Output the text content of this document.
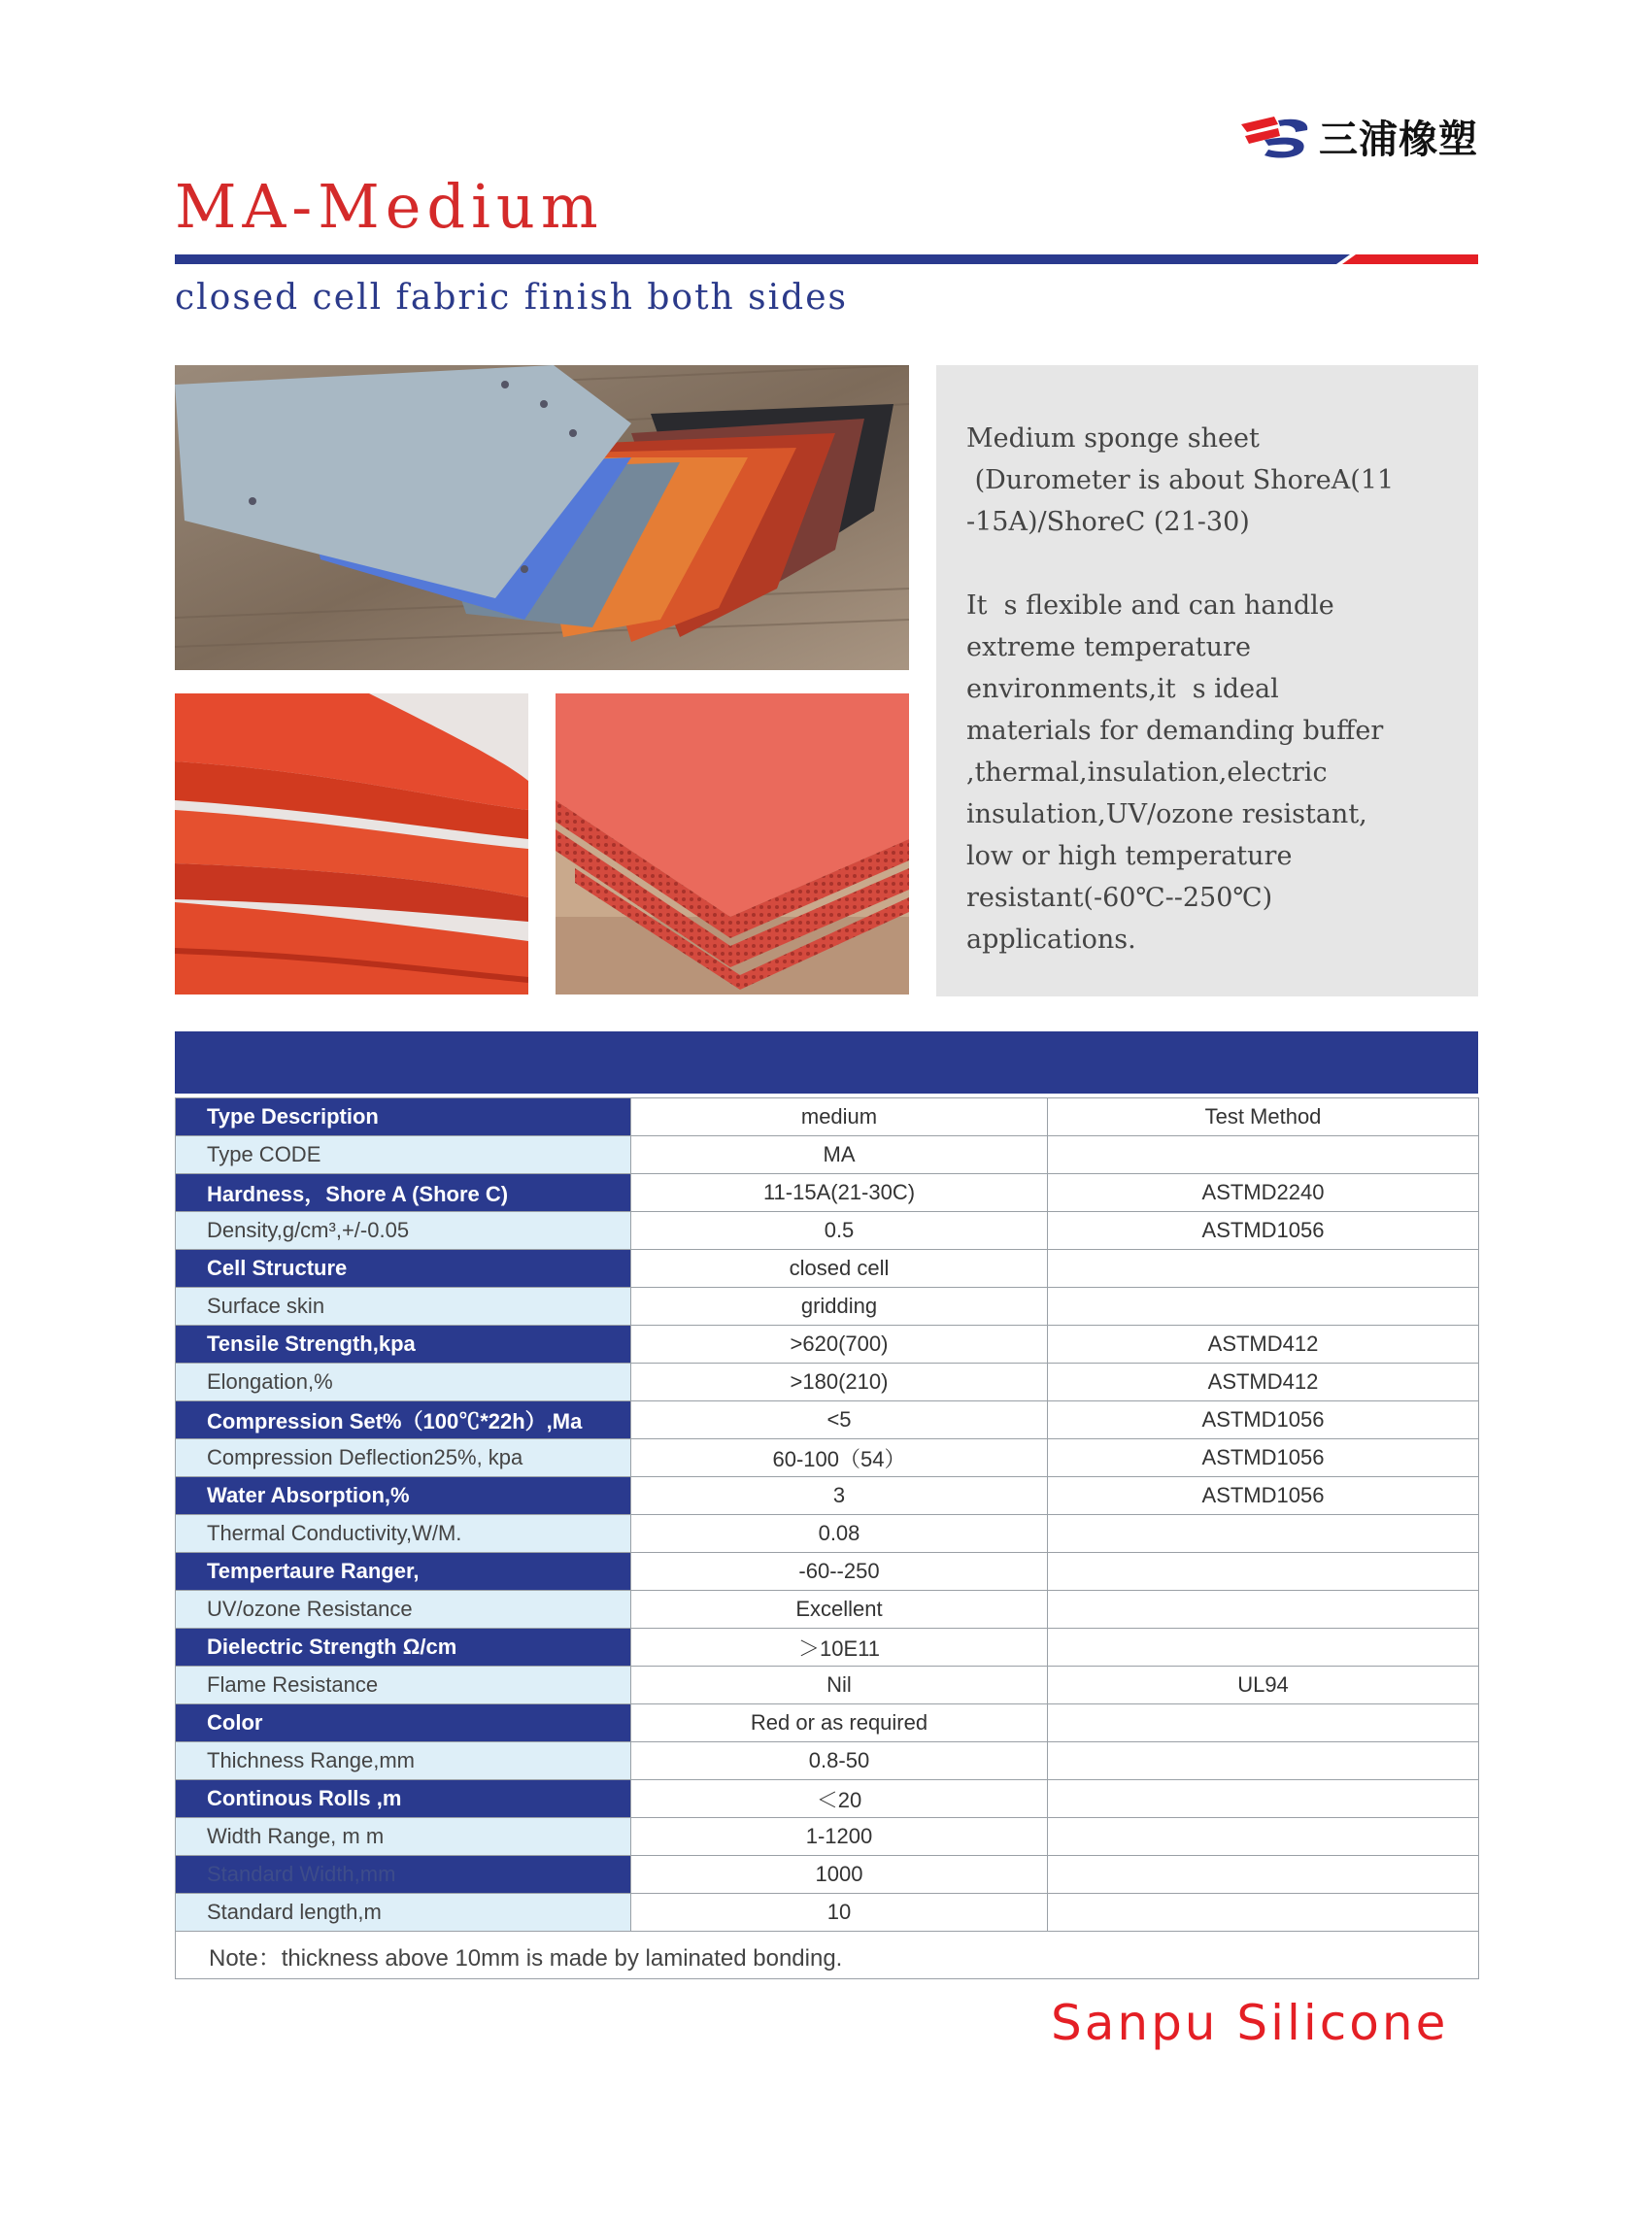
三浦橡塑
MA-Medium
closed cell fabric finish both sides

Medium sponge sheet
(Durometer is about ShoreA(11
-15A)/ShoreC (21-30)

It  s flexible and can handle
extreme temperature
environments,it  s ideal
materials for demanding buffer
,thermal,insulation,electric
insulation,UV/ozone resistant,
low or high temperature
resistant(-60℃--250℃)
applications.

Type Description	medium	Test Method
Type CODE	MA	
Hardness，Shore A (Shore C)	11-15A(21-30C)	ASTMD2240
Density,g/cm³,+/-0.05	0.5	ASTMD1056
Cell Structure	closed cell	
Surface skin	gridding	
Tensile Strength,kpa	>620(700)	ASTMD412
Elongation,%	>180(210)	ASTMD412
Compression Set%（100℃*22h）,Ma	<5	ASTMD1056
Compression Deflection25%, kpa	60-100（54）	ASTMD1056
Water Absorption,%	3	ASTMD1056
Thermal Conductivity,W/M.	0.08	
Tempertaure Ranger,	-60--250	
UV/ozone Resistance	Excellent	
Dielectric Strength Ω/cm	＞10E11	
Flame Resistance	Nil	UL94
Color	Red or as required	
Thichness Range,mm	0.8-50	
Continous Rolls ,m	＜20	
Width Range, m m	1-1200	
Standard Width,mm	1000	
Standard length,m	10	
Note：thickness above 10mm is made by laminated bonding.		
Sanpu Silicone
